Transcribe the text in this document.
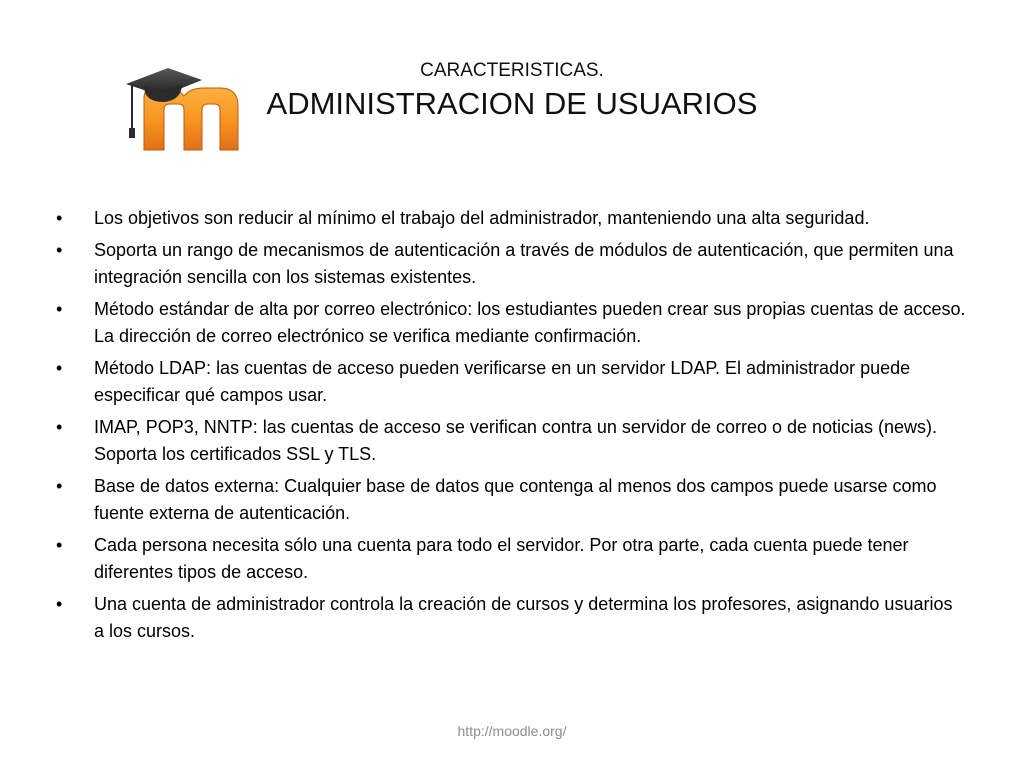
CARACTERISTICAS.
ADMINISTRACION DE USUARIOS
•	Los objetivos son reducir al mínimo el trabajo del administrador, manteniendo una alta seguridad.
•	Soporta un rango de mecanismos de autenticación a través de módulos de autenticación, que permiten una integración sencilla con los sistemas existentes.
•	Método estándar de alta por correo electrónico: los estudiantes pueden crear sus propias cuentas de acceso. La dirección de correo electrónico se verifica mediante confirmación.
•	Método LDAP: las cuentas de acceso pueden verificarse en un servidor LDAP. El administrador puede especificar qué campos usar.
•	IMAP, POP3, NNTP: las cuentas de acceso se verifican contra un servidor de correo o de noticias (news). Soporta los certificados SSL y TLS.
•	Base de datos externa: Cualquier base de datos que contenga al menos dos campos puede usarse como fuente externa de autenticación.
•	Cada persona necesita sólo una cuenta para todo el servidor. Por otra parte, cada cuenta puede tener diferentes tipos de acceso.
•	Una cuenta de administrador controla la creación de cursos y determina los profesores, asignando usuarios a los cursos.
http://moodle.org/
